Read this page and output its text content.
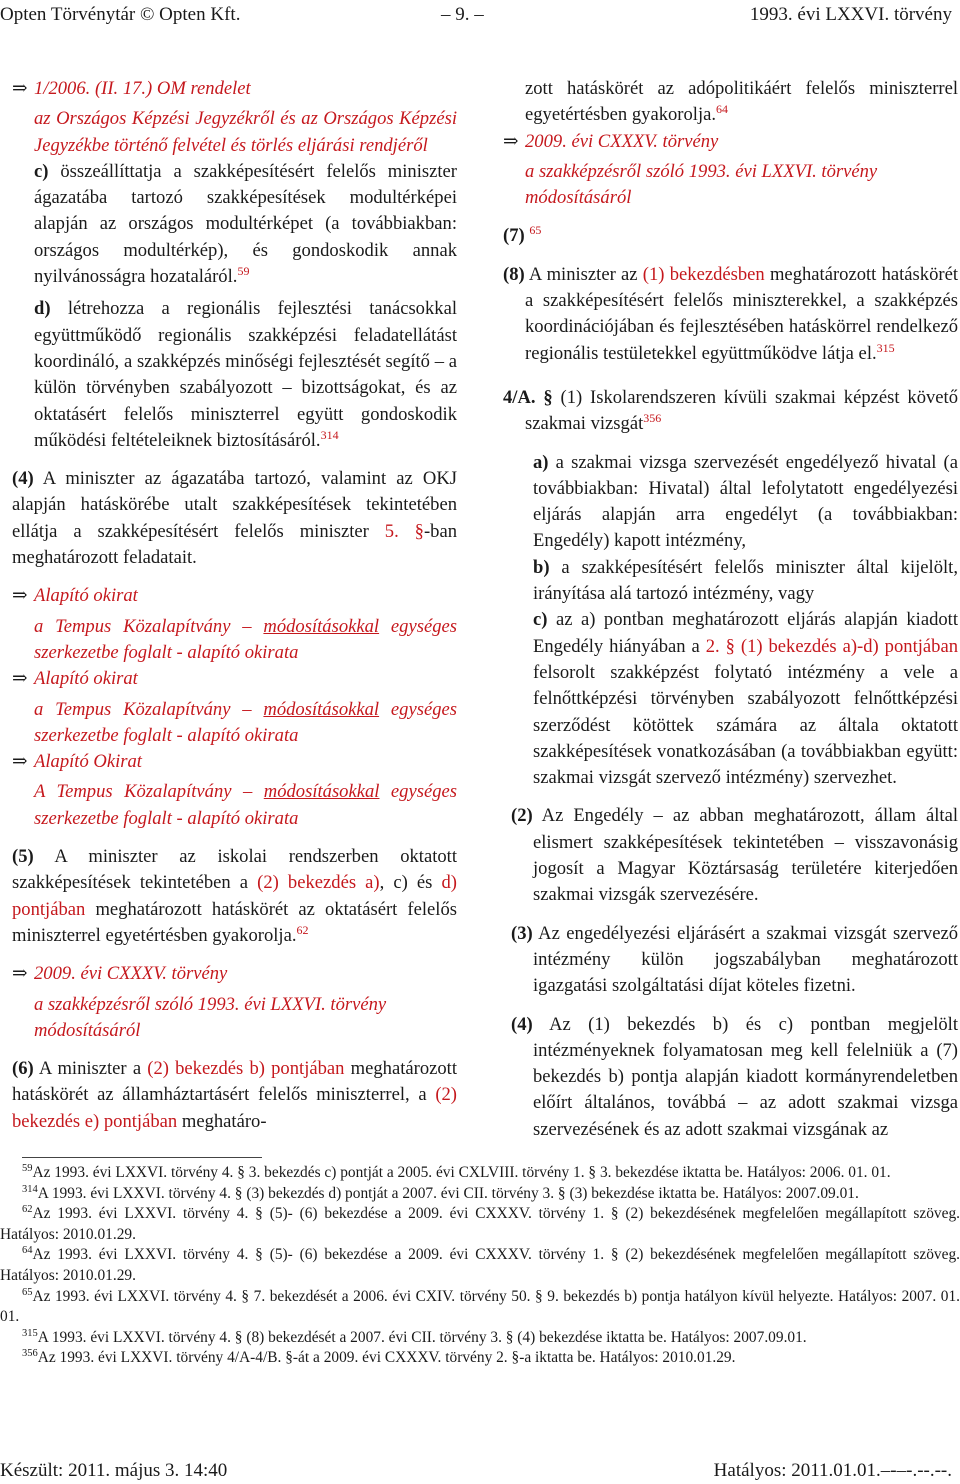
Opten Törvénytár © Opten Kft.	– 9. –	1993. évi LXXVI. törvény
⇒ 1/2006. (II. 17.) OM rendelet
az Országos Képzési Jegyzékről és az Országos Képzési Jegyzékbe történő felvétel és törlés eljárási rendjéről
c) összeállíttatja a szakképesítésért felelős miniszter ágazatába tartozó szakképesítések modultérképei alapján az országos modultérképet (a továbbiakban: országos modultérkép), és gondoskodik annak nyilvánosságra hozataláról.$^{59}$
d) létrehozza a regionális fejlesztési tanácsokkal együttműködő regionális szakképzési feladatellátást koordináló, a szakképzés minőségi fejlesztését segítő – a külön törvényben szabályozott – bizottságokat, és az oktatásért felelős miniszterrel együtt gondoskodik működési feltételeiknek biztosításáról.$^{314}$
(4) A miniszter az ágazatába tartozó, valamint az OKJ alapján hatáskörébe utalt szakképesítések tekintetében ellátja a szakképesítésért felelős miniszter 5. §-ban meghatározott feladatait.
⇒ Alapító okirat
a Tempus Közalapítvány – módosításokkal egységes szerkezetbe foglalt - alapító okirata
⇒ Alapító okirat
a Tempus Közalapítvány – módosításokkal egységes szerkezetbe foglalt - alapító okirata
⇒ Alapító Okirat
A Tempus Közalapítvány – módosításokkal egységes szerkezetbe foglalt - alapító okirata
(5) A miniszter az iskolai rendszerben oktatott szakképesítések tekintetében a (2) bekezdés a), c) és d) pontjában meghatározott hatáskörét az oktatásért felelős miniszterrel egyetértésben gyakorolja.$^{62}$
⇒ 2009. évi CXXXV. törvény
a szakképzésről szóló 1993. évi LXXVI. törvény módosításáról
(6) A miniszter a (2) bekezdés b) pontjában meghatározott hatáskörét az államháztartásért felelős miniszterrel, a (2) bekezdés e) pontjában meghatáro-
zott hatáskörét az adópolitikáért felelős miniszterrel egyetértésben gyakorolja.$^{64}$
⇒ 2009. évi CXXXV. törvény
a szakképzésről szóló 1993. évi LXXVI. törvény módosításáról
(7) $^{65}$
(8) A miniszter az (1) bekezdésben meghatározott hatáskörét a szakképesítésért felelős miniszterekkel, a szakképzés koordinációjában és fejlesztésében hatáskörrel rendelkező regionális testületekkel együttműködve látja el.$^{315}$
4/A. § (1) Iskolarendszeren kívüli szakmai képzést követő szakmai vizsgát$^{356}$
a) a szakmai vizsga szervezését engedélyező hivatal (a továbbiakban: Hivatal) által lefolytatott engedélyezési eljárás alapján arra engedélyt (a továbbiakban: Engedély) kapott intézmény,
b) a szakképesítésért felelős miniszter által kijelölt, irányítása alá tartozó intézmény, vagy
c) az a) pontban meghatározott eljárás alapján kiadott Engedély hiányában a 2. § (1) bekezdés a)-d) pontjában felsorolt szakképzést folytató intézmény a vele a felnőttképzési törvényben szabályozott felnőttképzési szerződést kötöttek számára az általa oktatott szakképesítések vonatkozásában (a továbbiakban együtt: szakmai vizsgát szervező intézmény) szervezhet.
(2) Az Engedély – az abban meghatározott, állam által elismert szakképesítések tekintetében – visszavonásig jogosít a Magyar Köztársaság területére kiterjedően szakmai vizsgák szervezésére.
(3) Az engedélyezési eljárásért a szakmai vizsgát szervező intézmény külön jogszabályban meghatározott igazgatási szolgáltatási díjat köteles fizetni.
(4) Az (1) bekezdés b) és c) pontban megjelölt intézményeknek folyamatosan meg kell felelniük a (7) bekezdés b) pontja alapján kiadott kormányrendeletben előírt általános, továbbá – az adott szakmai vizsga szervezésének és az adott szakmai vizsgának az
$^{59}$Az 1993. évi LXXVI. törvény 4. § 3. bekezdés c) pontját a 2005. évi CXLVIII. törvény 1. § 3. bekezdése iktatta be. Hatályos: 2006. 01. 01.
$^{314}$A 1993. évi LXXVI. törvény 4. § (3) bekezdés d) pontját a 2007. évi CII. törvény 3. § (3) bekezdése iktatta be. Hatályos: 2007.09.01.
$^{62}$Az 1993. évi LXXVI. törvény 4. § (5)- (6) bekezdése a 2009. évi CXXXV. törvény 1. § (2) bekezdésének megfelelően megállapított szöveg. Hatályos: 2010.01.29.
$^{64}$Az 1993. évi LXXVI. törvény 4. § (5)- (6) bekezdése a 2009. évi CXXXV. törvény 1. § (2) bekezdésének megfelelően megállapított szöveg. Hatályos: 2010.01.29.
$^{65}$Az 1993. évi LXXVI. törvény 4. § 7. bekezdését a 2006. évi CXIV. törvény 50. § 9. bekezdés b) pontja hatályon kívül helyezte. Hatályos: 2007. 01. 01.
$^{315}$A 1993. évi LXXVI. törvény 4. § (8) bekezdését a 2007. évi CII. törvény 3. § (4) bekezdése iktatta be. Hatályos: 2007.09.01.
$^{356}$Az 1993. évi LXXVI. törvény 4/A-4/B. §-át a 2009. évi CXXXV. törvény 2. §-a iktatta be. Hatályos: 2010.01.29.
Készült: 2011. május 3. 14:40	Hatályos: 2011.01.01.–-–-.--.--.
